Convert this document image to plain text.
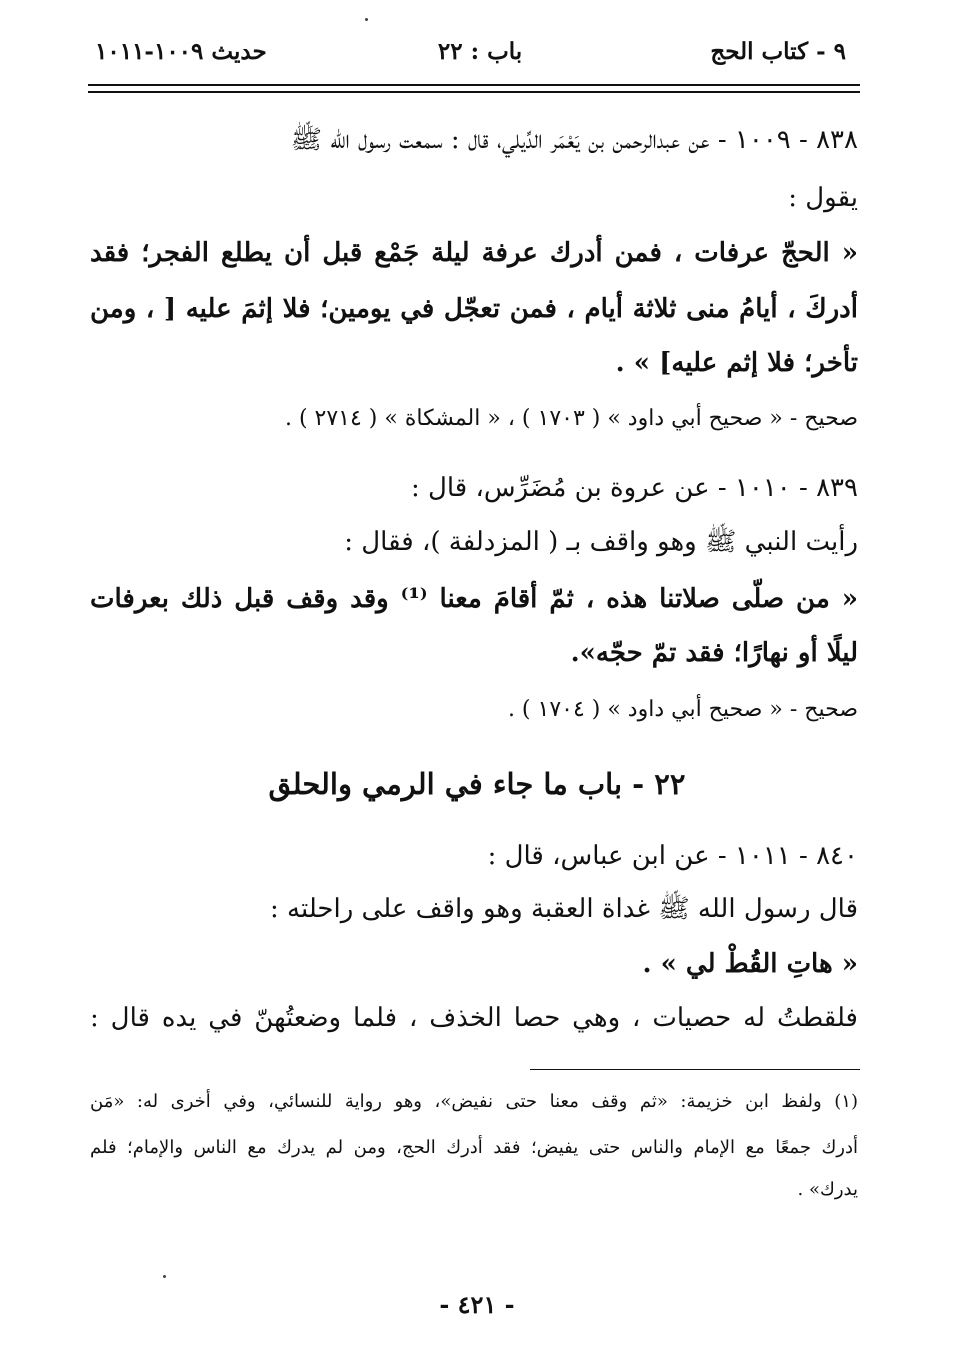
٩ - كتاب الحج
باب : ٢٢
حديث ١٠٠٩-١٠١١
٨٣٨ - ١٠٠٩ - عن عبدالرحمن بن يَعْمَر الدِّيلي، قال : سمعت رسول الله ﷺ
يقول :
« الحجّ عرفات ، فمن أدرك عرفة ليلة جَمْع قبل أن يطلع الفجر؛ فقد
أدركَ ، أيامُ منى ثلاثة أيام ، فمن تعجّل في يومين؛ فلا إثمَ عليه [ ، ومن
تأخر؛ فلا إثم عليه] » .
صحيح - « صحيح أبي داود » ( ١٧٠٣ ) ، « المشكاة » ( ٢٧١٤ ) .
٨٣٩ - ١٠١٠ - عن عروة بن مُضَرِّس، قال :
رأيت النبي ﷺ وهو واقف بـ ( المزدلفة )، فقال :
« من صلّى صلاتنا هذه ، ثمّ أقامَ معنا ⁽¹⁾ وقد وقف قبل ذلك بعرفات
ليلًا أو نهارًا؛ فقد تمّ حجّه».
صحيح - « صحيح أبي داود » ( ١٧٠٤ ) .
٢٢ - باب ما جاء في الرمي والحلق
٨٤٠ - ١٠١١ - عن ابن عباس، قال :
قال رسول الله ﷺ غداة العقبة وهو واقف على راحلته :
« هاتِ القُطْ لي » .
فلقطتُ له حصيات ، وهي حصا الخذف ، فلما وضعتُهنّ في يده قال :
(١) ولفظ ابن خزيمة: «ثم وقف معنا حتى نفيض»، وهو رواية للنسائي، وفي أخرى له: «مَن
أدرك جمعًا مع الإمام والناس حتى يفيض؛ فقد أدرك الحج، ومن لم يدرك مع الناس والإمام؛ فلم
يدرك» .
- ٤٢١ -
